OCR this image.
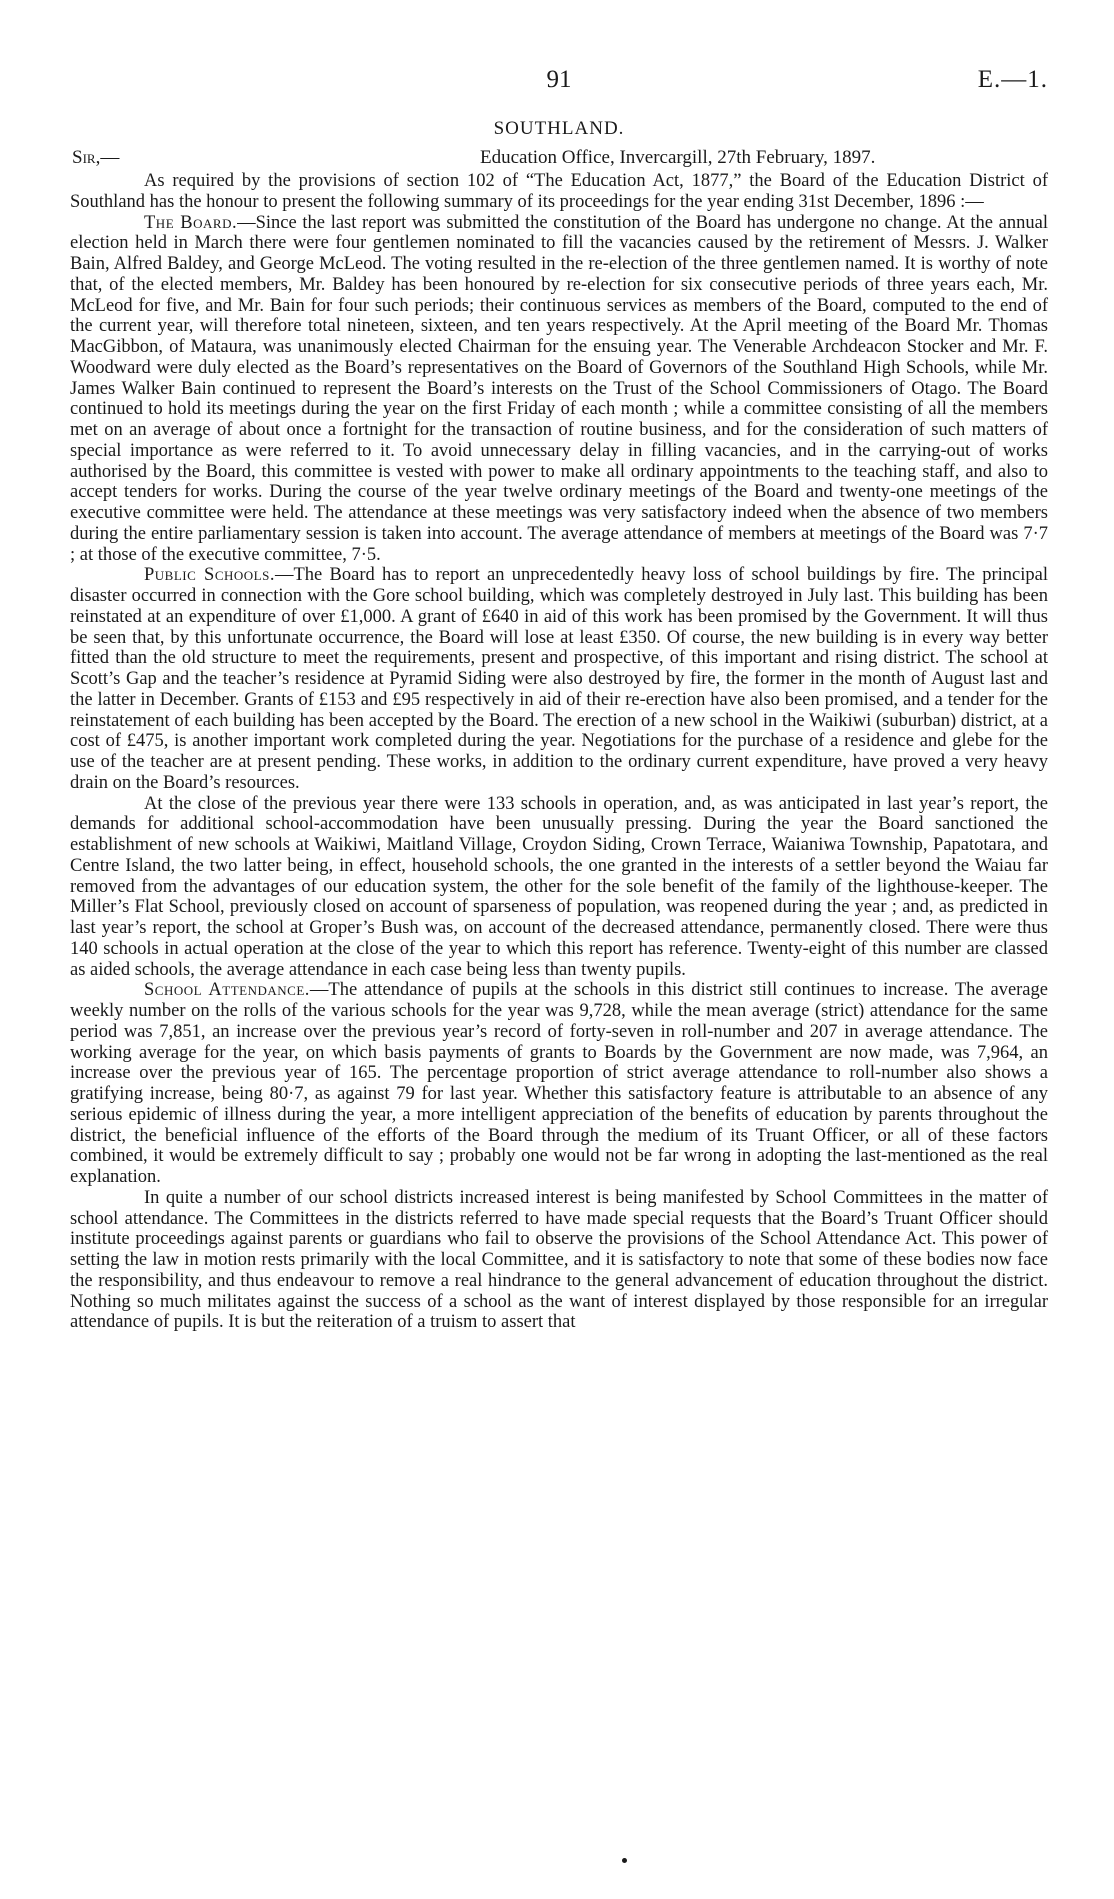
91	E.—1.
SOUTHLAND.
Sir,—	Education Office, Invercargill, 27th February, 1897.

As required by the provisions of section 102 of “The Education Act, 1877,” the Board of the Education District of Southland has the honour to present the following summary of its proceedings for the year ending 31st December, 1896 :—

The Board.—Since the last report was submitted the constitution of the Board has undergone no change. At the annual election held in March there were four gentlemen nominated to fill the vacancies caused by the retirement of Messrs. J. Walker Bain, Alfred Baldey, and George McLeod. The voting resulted in the re-election of the three gentlemen named. It is worthy of note that, of the elected members, Mr. Baldey has been honoured by re-election for six consecutive periods of three years each, Mr. McLeod for five, and Mr. Bain for four such periods; their continuous services as members of the Board, computed to the end of the current year, will therefore total nineteen, sixteen, and ten years respectively. At the April meeting of the Board Mr. Thomas MacGibbon, of Mataura, was unanimously elected Chairman for the ensuing year. The Venerable Archdeacon Stocker and Mr. F. Woodward were duly elected as the Board’s representatives on the Board of Governors of the Southland High Schools, while Mr. James Walker Bain continued to represent the Board’s interests on the Trust of the School Commissioners of Otago. The Board continued to hold its meetings during the year on the first Friday of each month ; while a committee consisting of all the members met on an average of about once a fortnight for the transaction of routine business, and for the consideration of such matters of special importance as were referred to it. To avoid unnecessary delay in filling vacancies, and in the carrying-out of works authorised by the Board, this committee is vested with power to make all ordinary appointments to the teaching staff, and also to accept tenders for works. During the course of the year twelve ordinary meetings of the Board and twenty-one meetings of the executive committee were held. The attendance at these meetings was very satisfactory indeed when the absence of two members during the entire parliamentary session is taken into account. The average attendance of members at meetings of the Board was 7·7 ; at those of the executive committee, 7·5.

Public Schools.—The Board has to report an unprecedentedly heavy loss of school buildings by fire. The principal disaster occurred in connection with the Gore school building, which was completely destroyed in July last. This building has been reinstated at an expenditure of over £1,000. A grant of £640 in aid of this work has been promised by the Government. It will thus be seen that, by this unfortunate occurrence, the Board will lose at least £350. Of course, the new building is in every way better fitted than the old structure to meet the requirements, present and prospective, of this important and rising district. The school at Scott’s Gap and the teacher’s residence at Pyramid Siding were also destroyed by fire, the former in the month of August last and the latter in December. Grants of £153 and £95 respectively in aid of their re-erection have also been promised, and a tender for the reinstatement of each building has been accepted by the Board. The erection of a new school in the Waikiwi (suburban) district, at a cost of £475, is another important work completed during the year. Negotiations for the purchase of a residence and glebe for the use of the teacher are at present pending. These works, in addition to the ordinary current expenditure, have proved a very heavy drain on the Board’s resources.

At the close of the previous year there were 133 schools in operation, and, as was anticipated in last year’s report, the demands for additional school-accommodation have been unusually pressing. During the year the Board sanctioned the establishment of new schools at Waikiwi, Maitland Village, Croydon Siding, Crown Terrace, Waianiwa Township, Papatotara, and Centre Island, the two latter being, in effect, household schools, the one granted in the interests of a settler beyond the Waiau far removed from the advantages of our education system, the other for the sole benefit of the family of the lighthouse-keeper. The Miller’s Flat School, previously closed on account of sparseness of population, was reopened during the year ; and, as predicted in last year’s report, the school at Groper’s Bush was, on account of the decreased attendance, permanently closed. There were thus 140 schools in actual operation at the close of the year to which this report has reference. Twenty-eight of this number are classed as aided schools, the average attendance in each case being less than twenty pupils.

School Attendance.—The attendance of pupils at the schools in this district still continues to increase. The average weekly number on the rolls of the various schools for the year was 9,728, while the mean average (strict) attendance for the same period was 7,851, an increase over the previous year’s record of forty-seven in roll-number and 207 in average attendance. The working average for the year, on which basis payments of grants to Boards by the Government are now made, was 7,964, an increase over the previous year of 165. The percentage proportion of strict average attendance to roll-number also shows a gratifying increase, being 80·7, as against 79 for last year. Whether this satisfactory feature is attributable to an absence of any serious epidemic of illness during the year, a more intelligent appreciation of the benefits of education by parents throughout the district, the beneficial influence of the efforts of the Board through the medium of its Truant Officer, or all of these factors combined, it would be extremely difficult to say ; probably one would not be far wrong in adopting the last-mentioned as the real explanation.

In quite a number of our school districts increased interest is being manifested by School Committees in the matter of school attendance. The Committees in the districts referred to have made special requests that the Board’s Truant Officer should institute proceedings against parents or guardians who fail to observe the provisions of the School Attendance Act. This power of setting the law in motion rests primarily with the local Committee, and it is satisfactory to note that some of these bodies now face the responsibility, and thus endeavour to remove a real hindrance to the general advancement of education throughout the district. Nothing so much militates against the success of a school as the want of interest displayed by those responsible for an irregular attendance of pupils. It is but the reiteration of a truism to assert that
